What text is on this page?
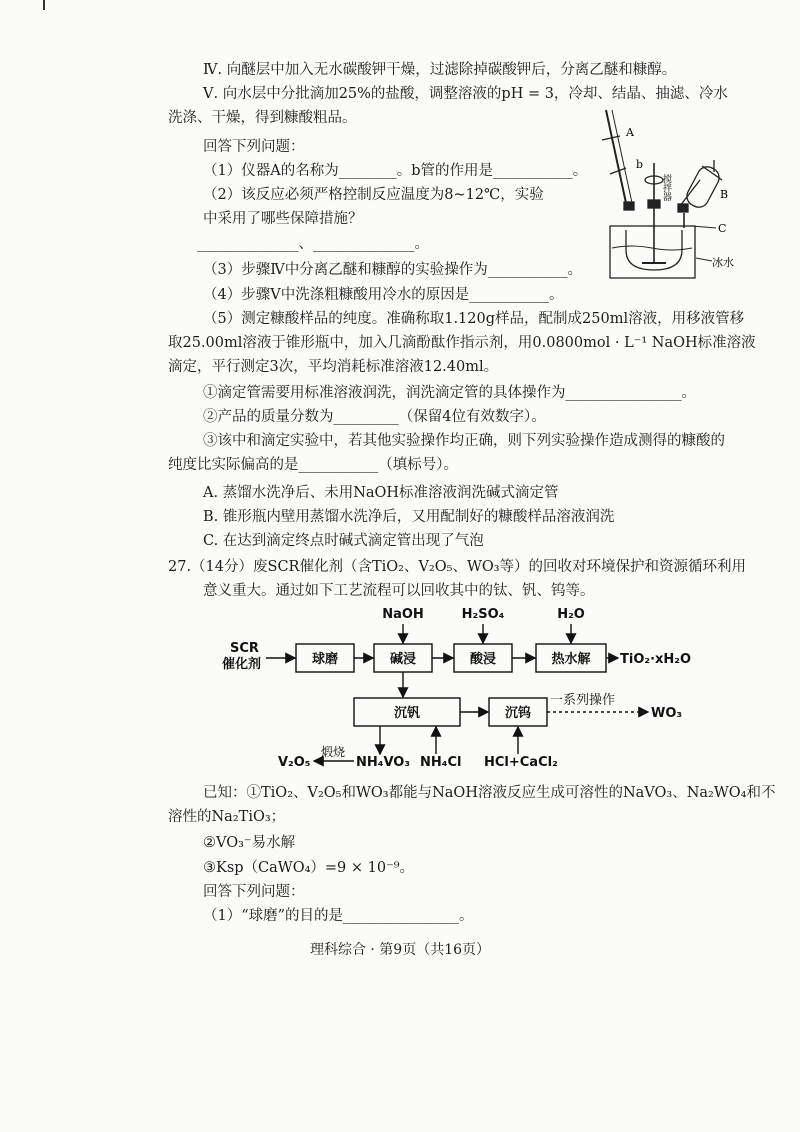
Ⅳ. 向醚层中加入无水碳酸钾干燥，过滤除掉碳酸钾后，分离乙醚和糠醇。
Ⅴ. 向水层中分批滴加25%的盐酸，调整溶液的pH = 3，冷却、结晶、抽滤、冷水
洗涤、干燥，得到糠酸粗品。
回答下列问题：
（1）仪器A的名称为________。b管的作用是___________。
（2）该反应必须严格控制反应温度为8~12℃，实验
中采用了哪些保障措施？
______________、______________。
（3）步骤Ⅳ中分离乙醚和糠醇的实验操作为___________。
（4）步骤Ⅴ中洗涤粗糠酸用冷水的原因是___________。
（5）测定糠酸样品的纯度。准确称取1.120g样品，配制成250ml溶液，用移液管移
取25.00ml溶液于锥形瓶中，加入几滴酚酞作指示剂，用0.0800mol · L⁻¹ NaOH标准溶液
滴定，平行测定3次，平均消耗标准溶液12.40ml。
①滴定管需要用标准溶液润洗，润洗滴定管的具体操作为________________。
②产品的质量分数为_________（保留4位有效数字）。
③该中和滴定实验中，若其他实验操作均正确，则下列实验操作造成测得的糠酸的
纯度比实际偏高的是___________（填标号）。
A. 蒸馏水洗净后、未用NaOH标准溶液润洗碱式滴定管
B. 锥形瓶内壁用蒸馏水洗净后，又用配制好的糠酸样品溶液润洗
C. 在达到滴定终点时碱式滴定管出现了气泡
27.（14分）废SCR催化剂（含TiO₂、V₂O₅、WO₃等）的回收对环境保护和资源循环利用
意义重大。通过如下工艺流程可以回收其中的钛、钒、钨等。
A
b
搅拌器	B
C
冰水
SCR
催化剂	球磨	碱浸	酸浸	热水解
NaOH	H₂SO₄	H₂O
TiO₂·xH₂O
沉钒	沉钨
一系列操作
WO₃
V₂O₅
煅烧
NH₄VO₃ NH₄Cl HCl+CaCl₂
已知：①TiO₂、V₂O₅和WO₃都能与NaOH溶液反应生成可溶性的NaVO₃、Na₂WO₄和不
溶性的Na₂TiO₃；
②VO₃⁻易水解
③Ksp（CaWO₄）=9 × 10⁻⁹。
回答下列问题：
（1）“球磨”的目的是________________。
理科综合 · 第9页（共16页）
